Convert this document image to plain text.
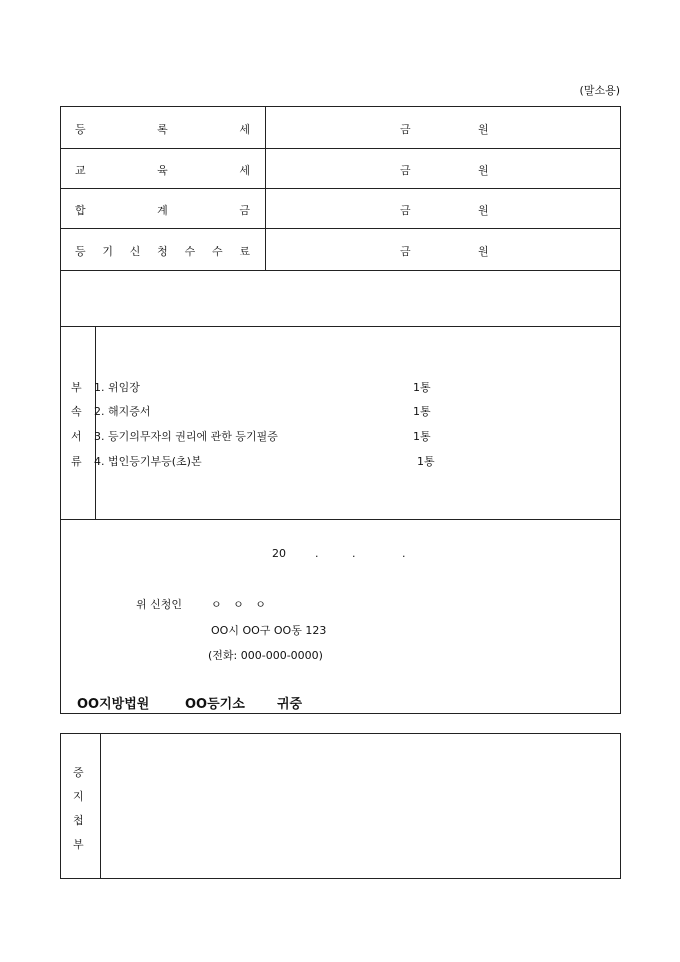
(말소용)
등	록	세	금	원
교	육	세	금	원
합	계	금	금	원
등 기 신 청 수 수 료	금	원
부
속
서
류
1. 위임장	1통
2. 해지증서	1통
3. 등기의무자의 권리에 관한 등기필증	1통
4. 법인등기부등(초)본	1통
20	.	.	.
위 신청인	ㅇ ㅇ ㅇ
OO시 OO구 OO동 123
(전화: 000-000-0000)
OO지방법원	OO등기소 귀중
증
지
첩
부
